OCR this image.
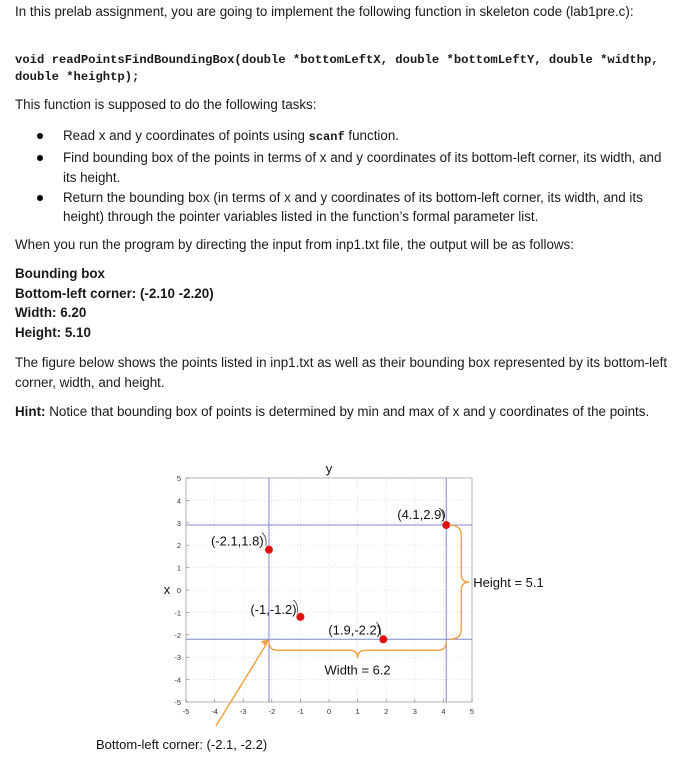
In this prelab assignment, you are going to implement the following function in skeleton code (lab1pre.c):

void readPointsFindBoundingBox(double *bottomLeftX, double *bottomLeftY, double *widthp, double *heightp);

This function is supposed to do the following tasks:

Read x and y coordinates of points using scanf function.
Find bounding box of the points in terms of x and y coordinates of its bottom-left corner, its width, and its height.
Return the bounding box (in terms of x and y coordinates of its bottom-left corner, its width, and its height) through the pointer variables listed in the function’s formal parameter list.

When you run the program by directing the input from inp1.txt file, the output will be as follows:

Bounding box
Bottom-left corner: (-2.10 -2.20)
Width: 6.20
Height: 5.10

The figure below shows the points listed in inp1.txt as well as their bounding box represented by its bottom-left corner, width, and height.

Hint: Notice that bounding box of points is determined by min and max of x and y coordinates of the points.

-5	-4	-3	-2	-1	0	1	2	3	4	5
5
4
3
2
1
0
-1
-2
-3
-4
-5
y
x
(-2.1,1.8)
(-1,-1.2)
(1.9,-2.2)
(4.1,2.9)
Width = 6.2
Height = 5.1
Bottom-left corner: (-2.1, -2.2)
